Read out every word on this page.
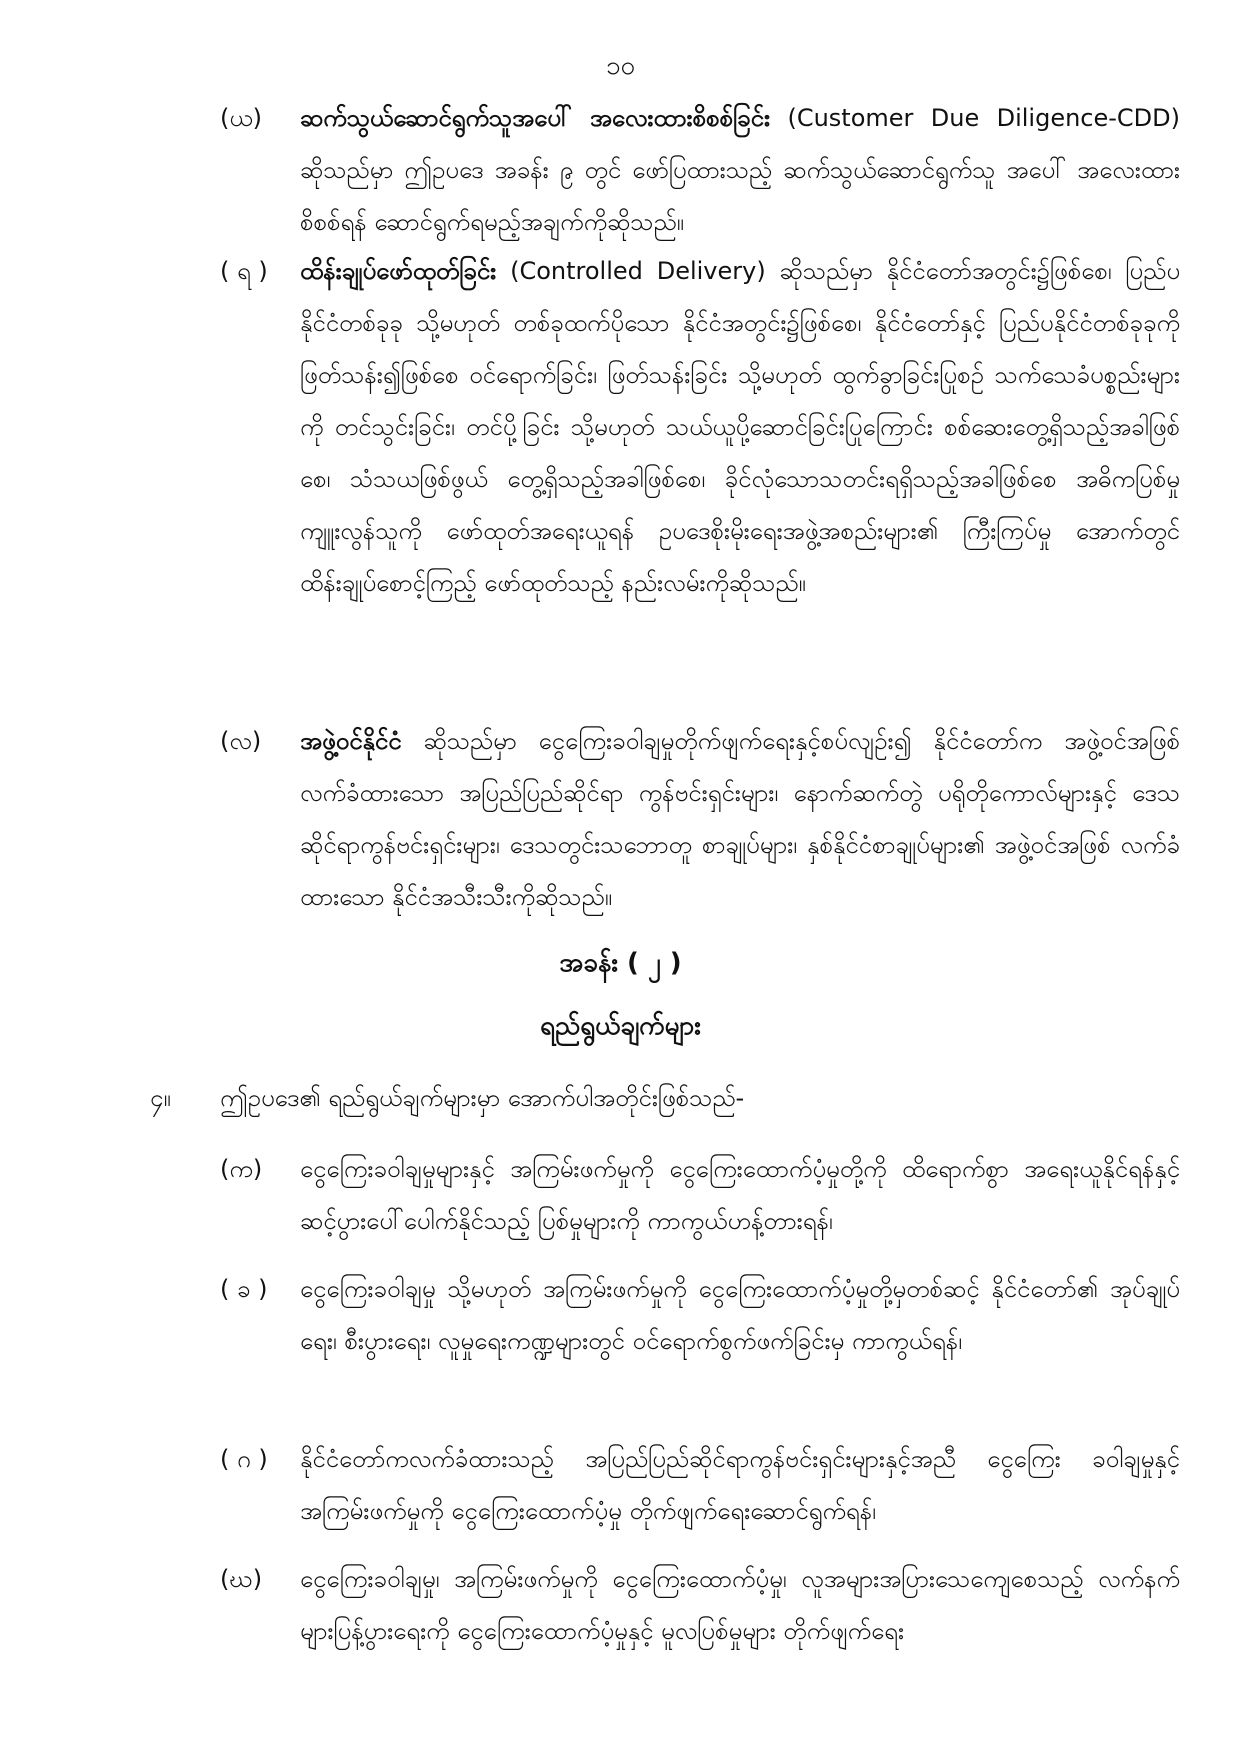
၁၀
(ယ)	ဆက်သွယ်ဆောင်ရွက်သူအပေါ် အလေးထားစိစစ်ခြင်း (Customer Due Diligence-CDD) ဆိုသည်မှာ ဤဥပဒေ အခန်း ၉ တွင် ဖော်ပြထားသည့် ဆက်သွယ်ဆောင်ရွက်သူ အပေါ် အလေးထားစိစစ်ရန် ဆောင်ရွက်ရမည့်အချက်ကိုဆိုသည်။
( ရ )	ထိန်းချုပ်ဖော်ထုတ်ခြင်း (Controlled Delivery) ဆိုသည်မှာ နိုင်ငံတော်အတွင်း၌ဖြစ်စေ၊ ပြည်ပနိုင်ငံတစ်ခုခု သို့မဟုတ် တစ်ခုထက်ပိုသော နိုင်ငံအတွင်း၌ဖြစ်စေ၊ နိုင်ငံတော်နှင့် ပြည်ပနိုင်ငံတစ်ခုခုကို ဖြတ်သန်း၍ဖြစ်စေ ဝင်ရောက်ခြင်း၊ ဖြတ်သန်းခြင်း သို့မဟုတ် ထွက်ခွာခြင်းပြုစဉ် သက်သေခံပစ္စည်းများကို တင်သွင်းခြင်း၊ တင်ပို့ခြင်း သို့မဟုတ် သယ်ယူပို့ဆောင်ခြင်းပြုကြောင်း စစ်ဆေးတွေ့ရှိသည့်အခါဖြစ်စေ၊ သံသယဖြစ်ဖွယ် တွေ့ရှိသည့်အခါဖြစ်စေ၊ ခိုင်လုံသောသတင်းရရှိသည့်အခါဖြစ်စေ အဓိကပြစ်မှု ကျူးလွန်သူကို ဖော်ထုတ်အရေးယူရန် ဥပဒေစိုးမိုးရေးအဖွဲ့အစည်းများ၏ ကြီးကြပ်မှု အောက်တွင် ထိန်းချုပ်စောင့်ကြည့် ဖော်ထုတ်သည့် နည်းလမ်းကိုဆိုသည်။
(လ)	အဖွဲ့ဝင်နိုင်ငံ ဆိုသည်မှာ ငွေကြေးခဝါချမှုတိုက်ဖျက်ရေးနှင့်စပ်လျဉ်း၍ နိုင်ငံတော်က အဖွဲ့ဝင်အဖြစ်လက်ခံထားသော အပြည်ပြည်ဆိုင်ရာ ကွန်ဗင်းရှင်းများ၊ နောက်ဆက်တွဲ ပရိုတိုကောလ်များနှင့် ဒေသဆိုင်ရာကွန်ဗင်းရှင်းများ၊ ဒေသတွင်းသဘောတူ စာချုပ်များ၊ နှစ်နိုင်ငံစာချုပ်များ၏ အဖွဲ့ဝင်အဖြစ် လက်ခံထားသော နိုင်ငံအသီးသီးကိုဆိုသည်။
အခန်း ( ၂ )
ရည်ရွယ်ချက်များ
၄။ ဤဥပဒေ၏ ရည်ရွယ်ချက်များမှာ အောက်ပါအတိုင်းဖြစ်သည်-
(က)	ငွေကြေးခဝါချမှုများနှင့် အကြမ်းဖက်မှုကို ငွေကြေးထောက်ပံ့မှုတို့ကို ထိရောက်စွာ အရေးယူနိုင်ရန်နှင့် ဆင့်ပွားပေါ်ပေါက်နိုင်သည့် ပြစ်မှုများကို ကာကွယ်ဟန့်တားရန်၊
( ခ )	ငွေကြေးခဝါချမှု သို့မဟုတ် အကြမ်းဖက်မှုကို ငွေကြေးထောက်ပံ့မှုတို့မှတစ်ဆင့် နိုင်ငံတော်၏ အုပ်ချုပ်ရေး၊ စီးပွားရေး၊ လူမှုရေးကဏ္ဍများတွင် ဝင်ရောက်စွက်ဖက်ခြင်းမှ ကာကွယ်ရန်၊
( ဂ )	နိုင်ငံတော်ကလက်ခံထားသည့် အပြည်ပြည်ဆိုင်ရာကွန်ဗင်းရှင်းများနှင့်အညီ ငွေကြေး ခဝါချမှုနှင့် အကြမ်းဖက်မှုကို ငွေကြေးထောက်ပံ့မှု တိုက်ဖျက်ရေးဆောင်ရွက်ရန်၊
(ဃ)	ငွေကြေးခဝါချမှု၊ အကြမ်းဖက်မှုကို ငွေကြေးထောက်ပံ့မှု၊ လူအများအပြားသေကျေစေသည့် လက်နက်များပြန့်ပွားရေးကို ငွေကြေးထောက်ပံ့မှုနှင့် မူလပြစ်မှုများ တိုက်ဖျက်ရေး
